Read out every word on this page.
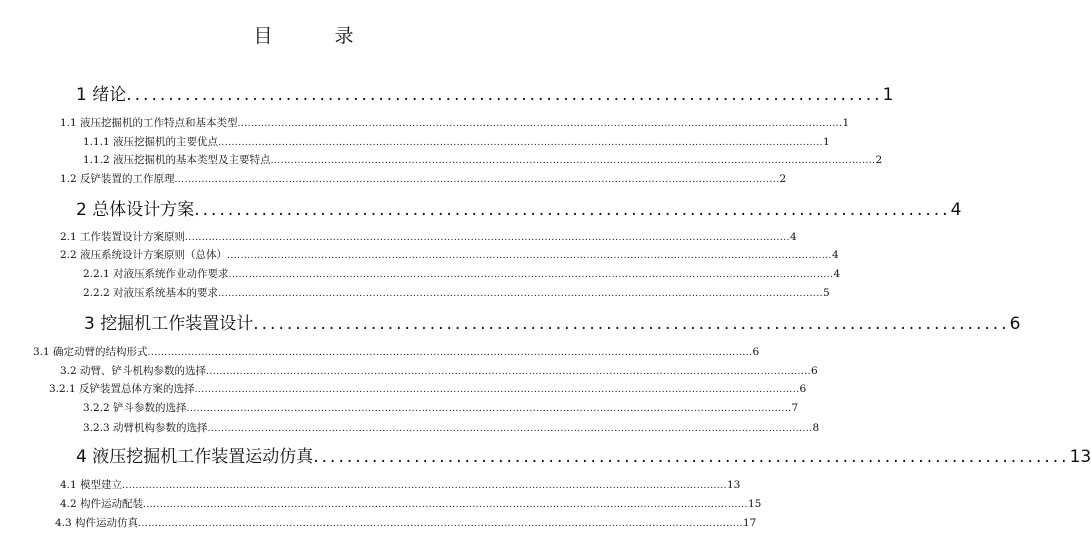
目 录
1 绪论 .......................................................................................... 1
1.1 液压挖掘机的工作特点和基本类型 .................................................................................................................................................................................... 1
1.1.1 液压挖掘机的主要优点 .................................................................................................................................................................................... 1
1.1.2 液压挖掘机的基本类型及主要特点 .................................................................................................................................................................................... 2
1.2 反铲装置的工作原理 .................................................................................................................................................................................... 2
2 总体设计方案 .......................................................................................... 4
2.1 工作装置设计方案原则 .................................................................................................................................................................................... 4
2.2 液压系统设计方案原则（总体） .................................................................................................................................................................................... 4
2.2.1 对液压系统作业动作要求 .................................................................................................................................................................................... 4
2.2.2 对液压系统基本的要求 .................................................................................................................................................................................... 5
3 挖掘机工作装置设计 .......................................................................................... 6
3.1 确定动臂的结构形式 .................................................................................................................................................................................... 6
3.2 动臂、铲斗机构参数的选择 .................................................................................................................................................................................... 6
3.2.1 反铲装置总体方案的选择 .................................................................................................................................................................................... 6
3.2.2 铲斗参数的选择 .................................................................................................................................................................................... 7
3.2.3 动臂机构参数的选择 .................................................................................................................................................................................... 8
4 液压挖掘机工作装置运动仿真 .......................................................................................... 13
4.1 模型建立 .................................................................................................................................................................................... 13
4.2 构件运动配装 .................................................................................................................................................................................... 15
4.3 构件运动仿真 .................................................................................................................................................................................... 17
